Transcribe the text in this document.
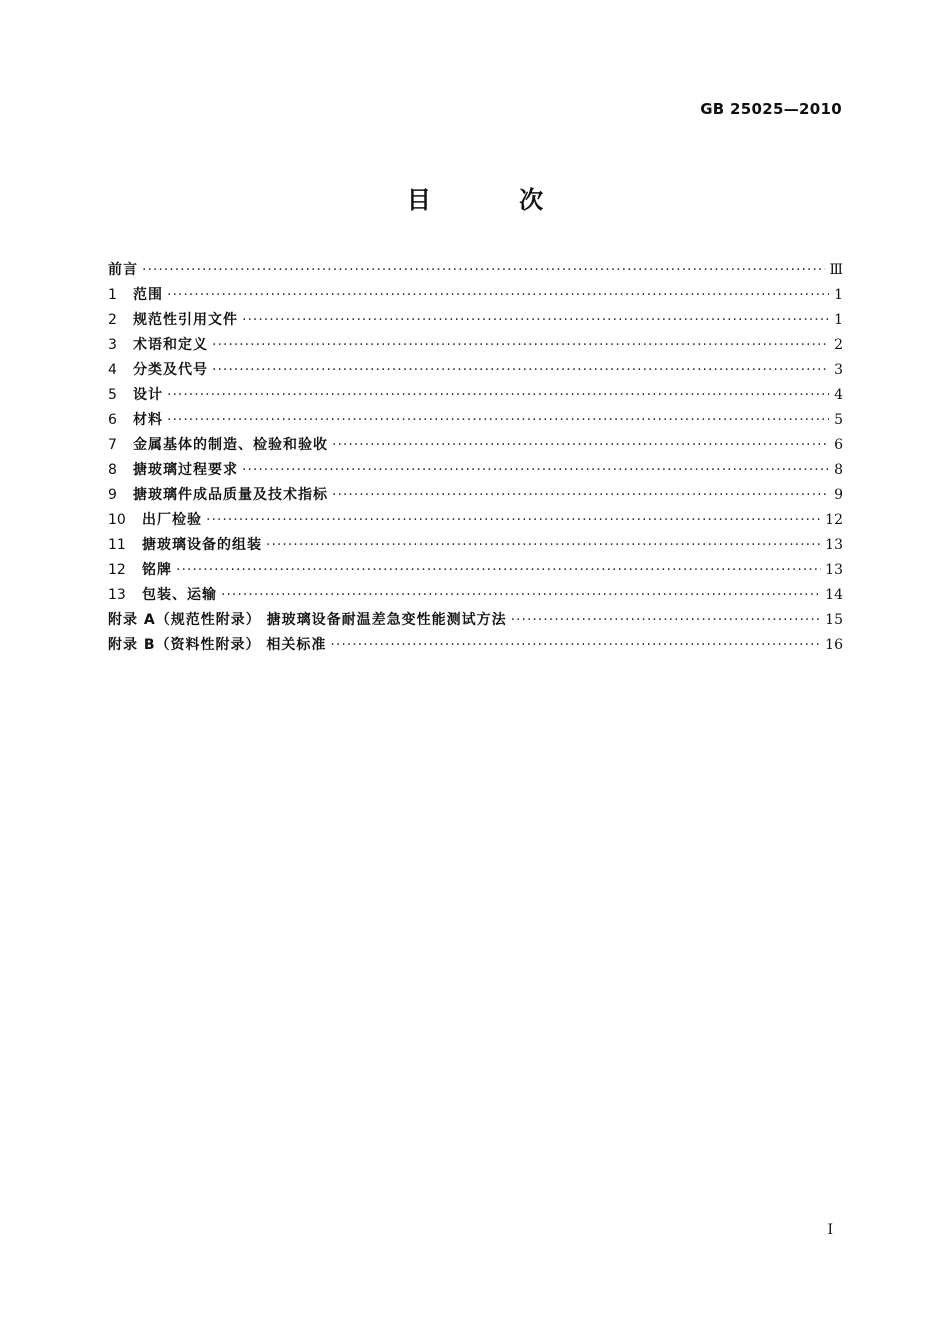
GB 25025—2010
目 次
前言 ·····	Ⅲ
1	范围 ·····	1
2	规范性引用文件 ·····	1
3	术语和定义 ·····	2
4	分类及代号 ·····	3
5	设计 ·····	4
6	材料 ·····	5
7	金属基体的制造、检验和验收 ·····	6
8	搪玻璃过程要求 ·····	8
9	搪玻璃件成品质量及技术指标 ·····	9
10	出厂检验 ·····	12
11	搪玻璃设备的组装 ·····	13
12	铭牌 ·····	13
13	包装、运输 ·····	14
附录 A（规范性附录） 搪玻璃设备耐温差急变性能测试方法 ·····	15
附录 B（资料性附录） 相关标准 ·····	16
I
